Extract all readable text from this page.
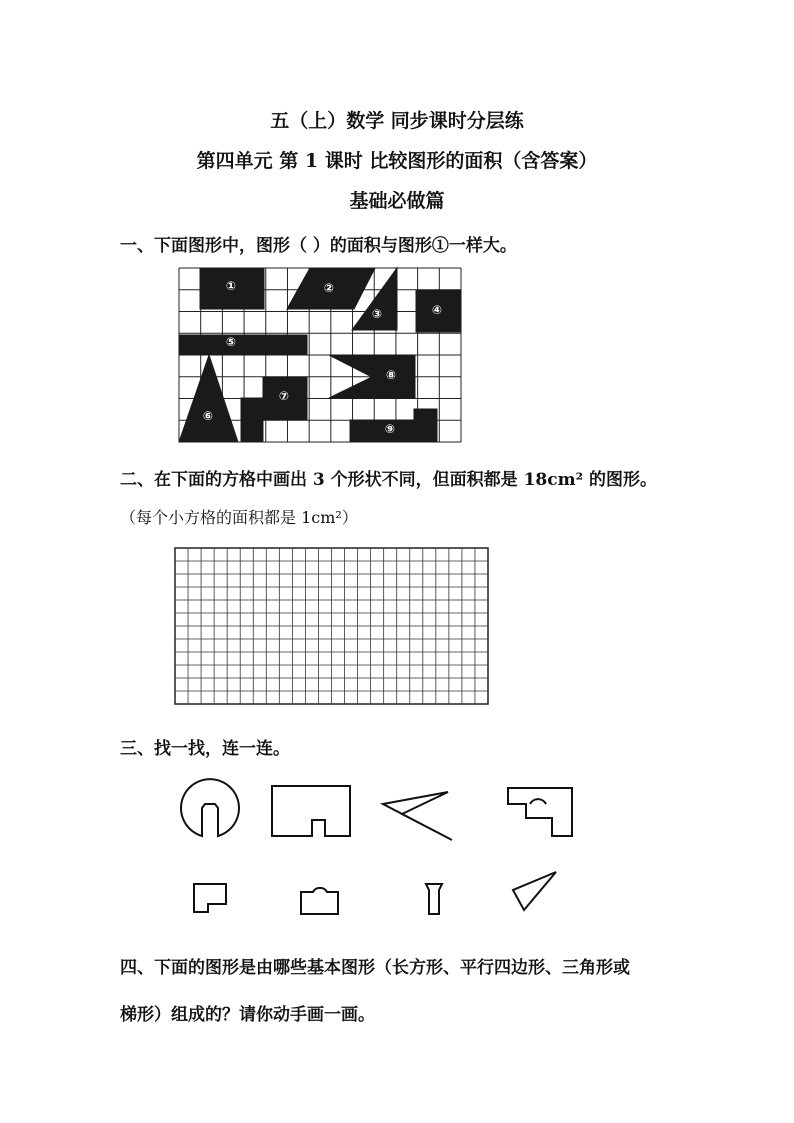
五（上）数学 同步课时分层练
第四单元 第 1 课时 比较图形的面积（含答案）
基础必做篇
一、下面图形中，图形（ ）的面积与图形①一样大。
①	②
③	④
⑤
⑥
⑦
⑧
⑨
二、在下面的方格中画出 3 个形状不同，但面积都是 18cm² 的图形。
（每个小方格的面积都是 1cm²）
三、找一找，连一连。
四、下面的图形是由哪些基本图形（长方形、平行四边形、三角形或
梯形）组成的？请你动手画一画。
